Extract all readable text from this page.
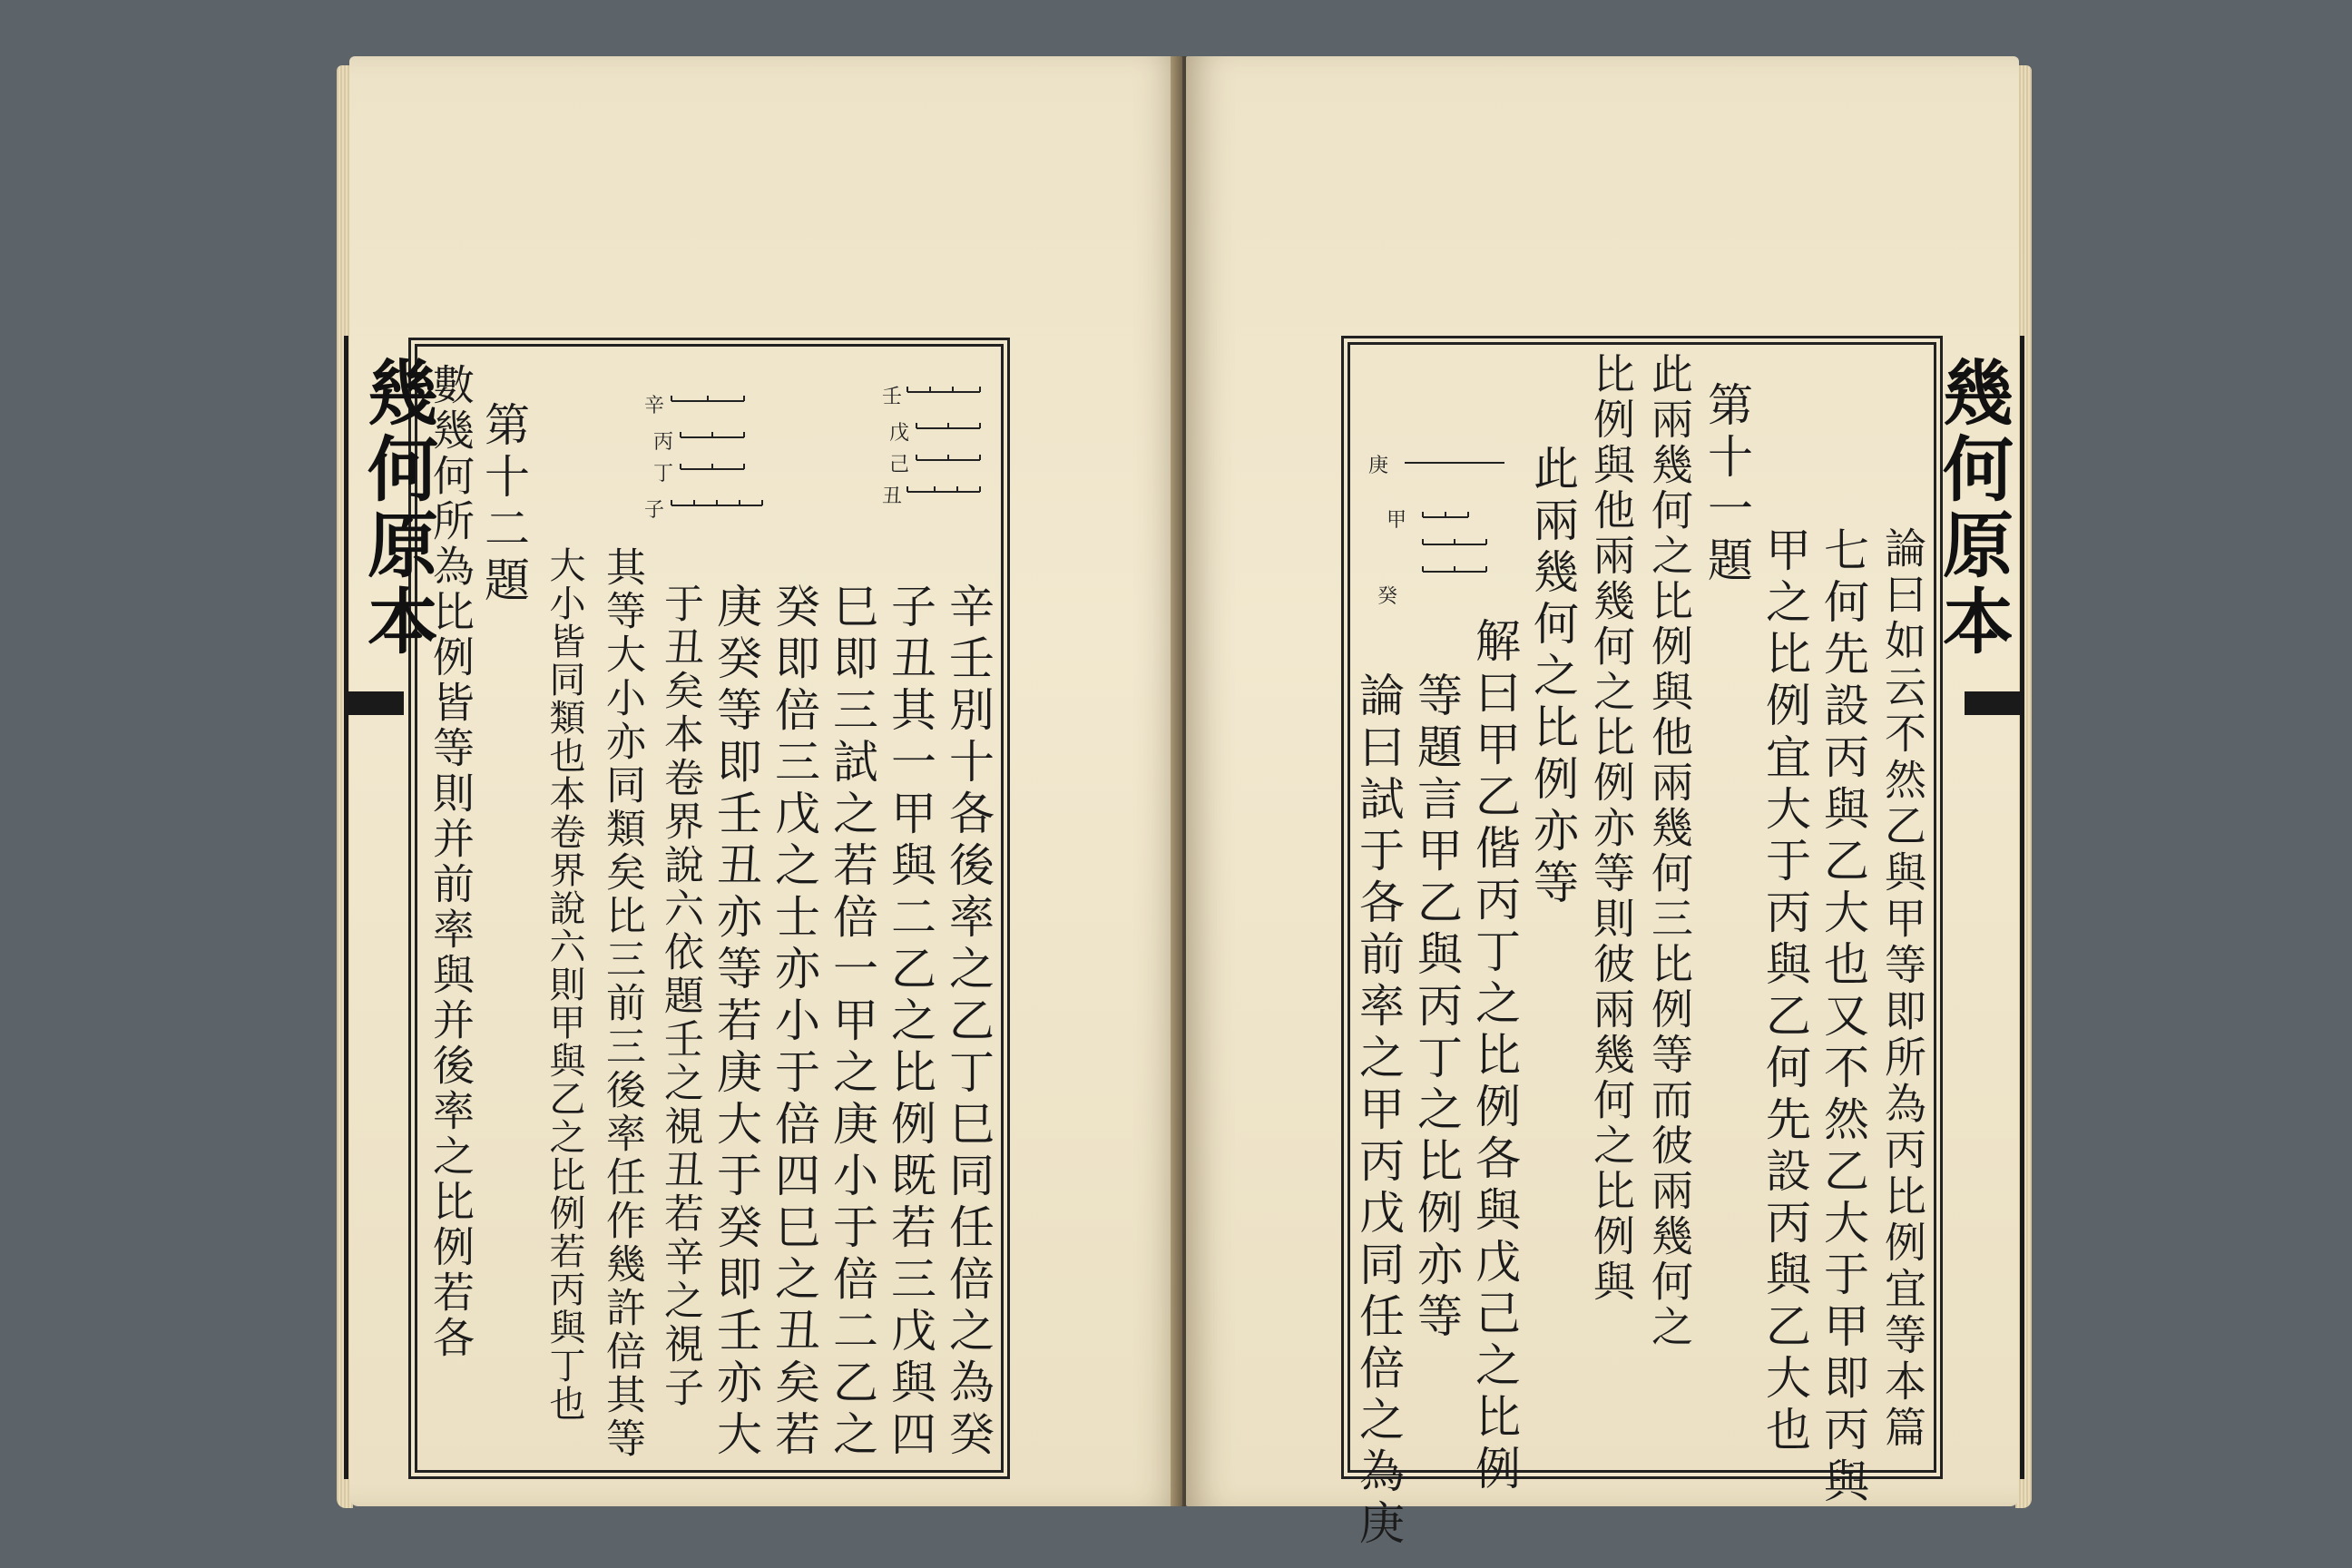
壬
戊
己
丑
辛
丙
丁
子
辛壬別十各後率之乙丁巳同任倍之為癸
子丑其一甲與二乙之比例既若三戊與四
巳即三試之若倍一甲之庚小于倍二乙之
癸即倍三戊之士亦小于倍四巳之丑矣若
庚癸等即壬丑亦等若庚大于癸即壬亦大
于丑矣本卷界說六依題壬之視丑若辛之視子
其等大小亦同類矣比三前三後率任作幾許倍其等
大小皆同類也本卷界說六則甲與乙之比例若丙與丁也
第十二題
數幾何所為比例皆等則并前率與并後率之比例若各
幾何原本
論曰如云不然乙與甲等即所為丙比例宜等本篇
七何先設丙與乙大也又不然乙大于甲即丙與
甲之比例宜大于丙與乙何先設丙與乙大也
第十一題
此兩幾何之比例與他兩幾何三比例等而彼兩幾何之
比例與他兩幾何之比例亦等則彼兩幾何之比例與
此兩幾何之比例亦等
解曰甲乙偕丙丁之比例各與戊己之比例
等題言甲乙與丙丁之比例亦等
論曰試于各前率之甲丙戊同任倍之為庚
庚
甲
癸	幾何原本
